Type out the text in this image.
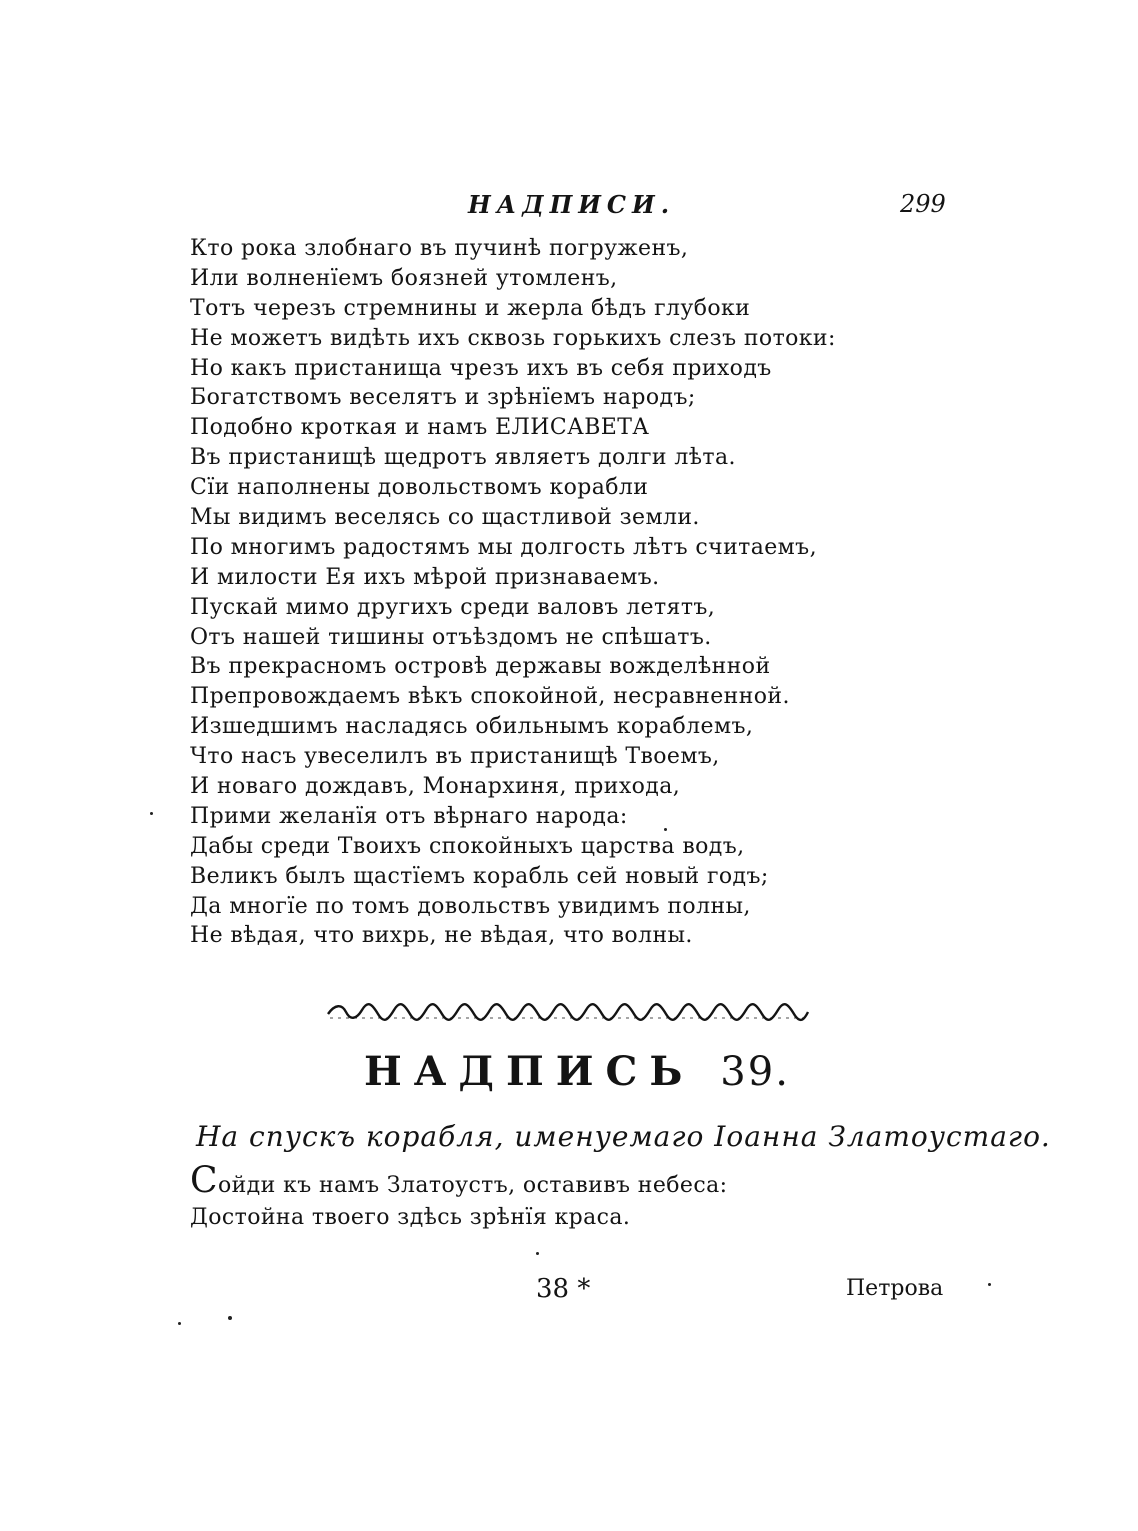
НАДПИСИ.	299
Кто рока злобнаго въ пучинѣ погруженъ,
Или волненїемъ боязней утомленъ,
Тотъ черезъ стремнины и жерла бѣдъ глубоки
Не можетъ видѣть ихъ сквозь горькихъ слезъ потоки:
Но какъ пристанища чрезъ ихъ въ себя приходъ
Богатствомъ веселятъ и зрѣнїемъ народъ;
Подобно кроткая и намъ ЕЛИСАВЕТА
Въ пристанищѣ щедротъ являетъ долги лѣта.
Сїи наполнены довольствомъ корабли
Мы видимъ веселясь со щастливой земли.
По многимъ радостямъ мы долгость лѣтъ считаемъ,
И милости Ея ихъ мѣрой признаваемъ.
Пускай мимо другихъ среди валовъ летятъ,
Отъ нашей тишины отъѣздомъ не спѣшатъ.
Въ прекрасномъ островѣ державы вожделѣнной
Препровождаемъ вѣкъ спокойной, несравненной.
Изшедшимъ насладясь обильнымъ кораблемъ,
Что насъ увеселилъ въ пристанищѣ Твоемъ,
И новаго дождавъ, Монархиня, прихода,
Прими желанїя отъ вѣрнаго народа:
Дабы среди Твоихъ спокойныхъ царства водъ,
Великъ былъ щастїемъ корабль сей новый годъ;
Да многїе по томъ довольствъ увидимъ полны,
Не вѣдая, что вихрь, не вѣдая, что волны.
НАДПИСЬ 39.
На спускъ корабля, именуемаго Іоанна Златоустаго.
Сойди къ намъ Златоустъ, оставивъ небеса:
Достойна твоего здѣсь зрѣнїя краса.
38 *	Петрова
